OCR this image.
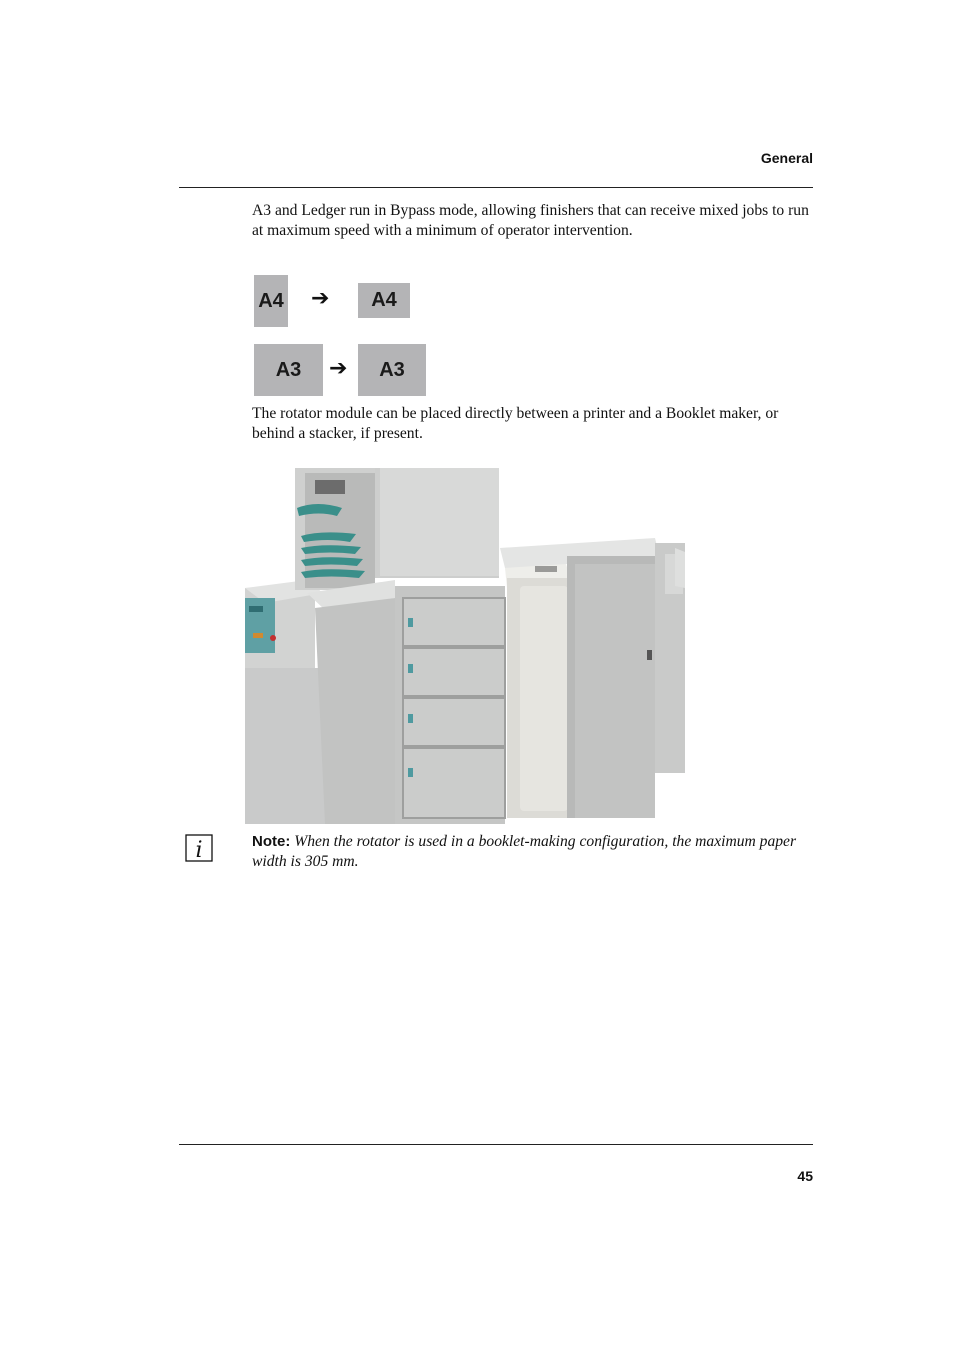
General

A3 and Ledger run in Bypass mode, allowing finishers that can receive mixed jobs to run at maximum speed with a minimum of operator intervention.

A4 ➔ A4
A3 ➔ A3

The rotator module can be placed directly between a printer and a Booklet maker, or behind a stacker, if present.

i	Note: When the rotator is used in a booklet-making configuration, the maximum paper width is 305 mm.

45
